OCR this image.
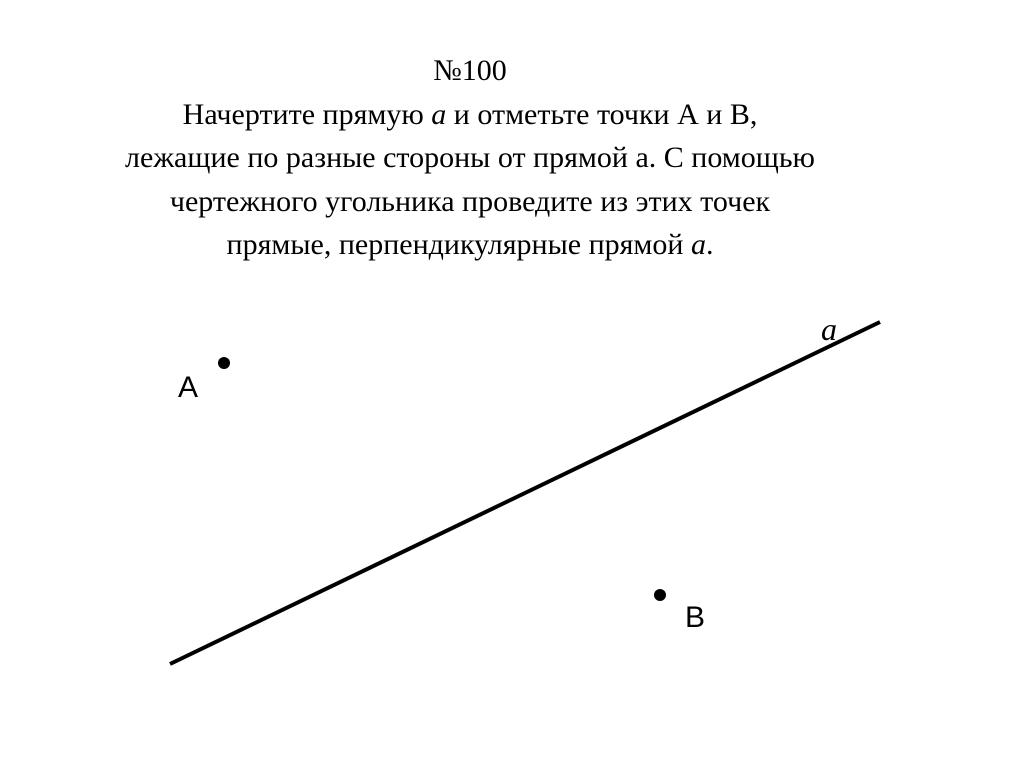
№100
Начертите прямую а и отметьте точки А и В,
лежащие по разные стороны от прямой а. С помощью
чертежного угольника проведите из этих точек
прямые, перпендикулярные прямой а.
a
А
В
